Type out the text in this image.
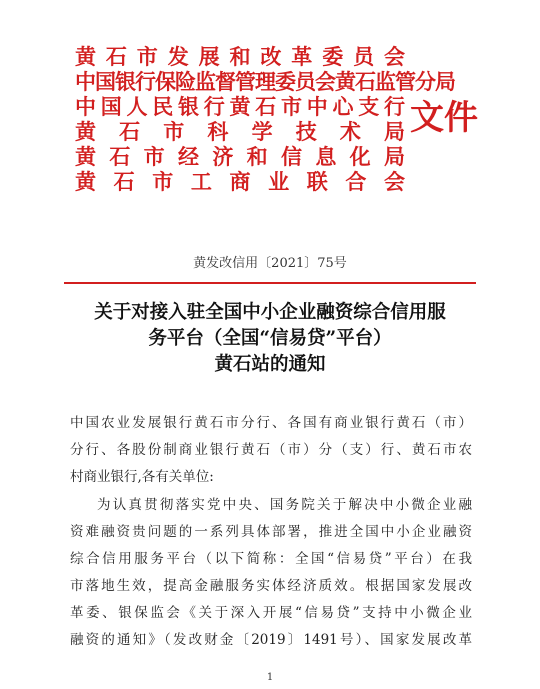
黄石市发展和改革委员会
中国银行保险监督管理委员会黄石监管分局
中国人民银行黄石市中心支行
黄石市科学技术局
黄石市经济和信息化局
黄石市工商业联合会
文件
黄发改信用〔2021〕75号
关于对接入驻全国中小企业融资综合信用服
务平台（全国“信易贷”平台）
黄石站的通知
中国农业发展银行黄石市分行、各国有商业银行黄石（市）
分行、各股份制商业银行黄石（市）分（支）行、黄石市农
村商业银行,各有关单位:
为认真贯彻落实党中央、国务院关于解决中小微企业融
资难融资贵问题的一系列具体部署，推进全国中小企业融资
综合信用服务平台（以下简称：全国“信易贷”平台）在我
市落地生效，提高金融服务实体经济质效。根据国家发展改
革委、银保监会《关于深入开展“信易贷”支持中小微企业
融资的通知》（发改财金〔2019〕1491号）、国家发展改革
1
